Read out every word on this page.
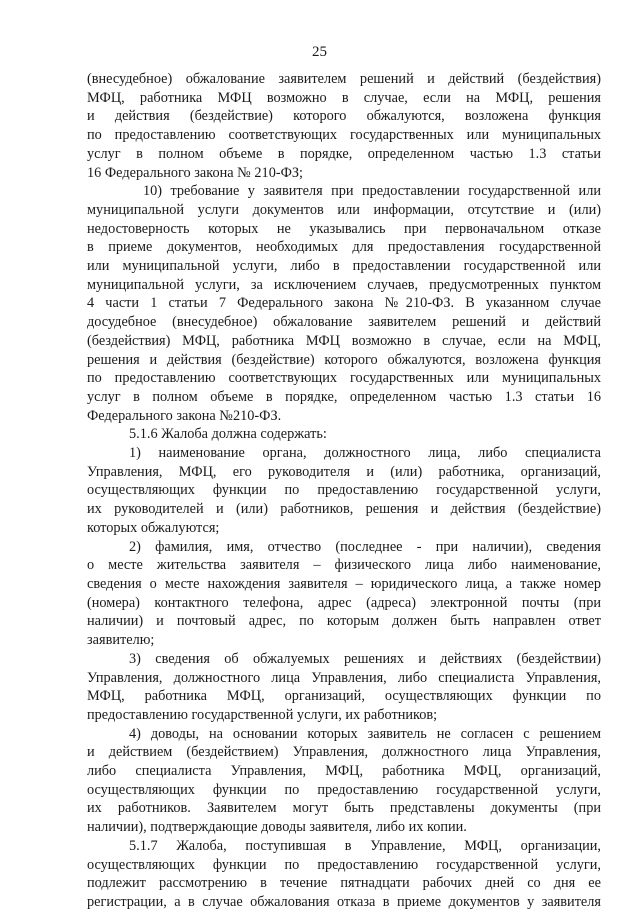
25
(внесудебное) обжалование заявителем решений и действий (бездействия)
МФЦ, работника МФЦ возможно в случае, если на МФЦ, решения
и действия (бездействие) которого обжалуются, возложена функция
по предоставлению соответствующих государственных или муниципальных
услуг в полном объеме в порядке, определенном частью 1.3 статьи
16 Федерального закона № 210-ФЗ;
10) требование у заявителя при предоставлении государственной или
муниципальной услуги документов или информации, отсутствие и (или)
недостоверность которых не указывались при первоначальном отказе
в приеме документов, необходимых для предоставления государственной
или муниципальной услуги, либо в предоставлении государственной или
муниципальной услуги, за исключением случаев, предусмотренных пунктом
4 части 1 статьи 7 Федерального закона №210-ФЗ. В указанном случае
досудебное (внесудебное) обжалование заявителем решений и действий
(бездействия) МФЦ, работника МФЦ возможно в случае, если на МФЦ,
решения и действия (бездействие) которого обжалуются, возложена функция
по предоставлению соответствующих государственных или муниципальных
услуг в полном объеме в порядке, определенном частью 1.3 статьи 16
Федерального закона №210-ФЗ.
5.1.6 Жалоба должна содержать:
1) наименование органа, должностного лица, либо специалиста
Управления, МФЦ, его руководителя и (или) работника, организаций,
осуществляющих функции по предоставлению государственной услуги,
их руководителей и (или) работников, решения и действия (бездействие)
которых обжалуются;
2) фамилия, имя, отчество (последнее - при наличии), сведения
о месте жительства заявителя – физического лица либо наименование,
сведения о месте нахождения заявителя – юридического лица, а также номер
(номера) контактного телефона, адрес (адреса) электронной почты (при
наличии) и почтовый адрес, по которым должен быть направлен ответ
заявителю;
3) сведения об обжалуемых решениях и действиях (бездействии)
Управления, должностного лица Управления, либо специалиста Управления,
МФЦ, работника МФЦ, организаций, осуществляющих функции по
предоставлению государственной услуги, их работников;
4) доводы, на основании которых заявитель не согласен с решением
и действием (бездействием) Управления, должностного лица Управления,
либо специалиста Управления, МФЦ, работника МФЦ, организаций,
осуществляющих функции по предоставлению государственной услуги,
их работников. Заявителем могут быть представлены документы (при
наличии), подтверждающие доводы заявителя, либо их копии.
5.1.7 Жалоба, поступившая в Управление, МФЦ, организации,
осуществляющих функции по предоставлению государственной услуги,
подлежит рассмотрению в течение пятнадцати рабочих дней со дня ее
регистрации, а в случае обжалования отказа в приеме документов у заявителя
